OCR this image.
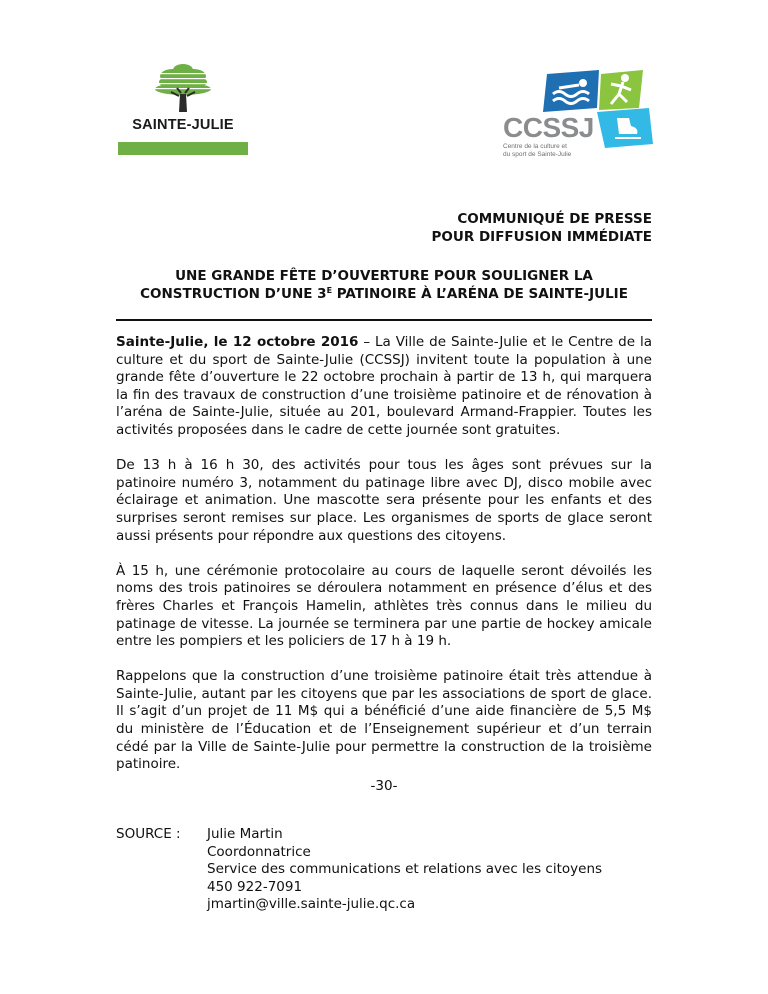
SAINTE-JULIE	CCSSJ
Centre de la culture et
du sport de Sainte-Julie
COMMUNIQUÉ DE PRESSE
POUR DIFFUSION IMMÉDIATE
UNE GRANDE FÊTE D’OUVERTURE POUR SOULIGNER LA
CONSTRUCTION D’UNE $3^E$ PATINOIRE À L’ARÉNA DE SAINTE-JULIE

Sainte-Julie, le 12 octobre 2016 – La Ville de Sainte-Julie et le Centre de la culture et du sport de Sainte-Julie (CCSSJ) invitent toute la population à une grande fête d’ouverture le 22 octobre prochain à partir de 13 h, qui marquera la fin des travaux de construction d’une troisième patinoire et de rénovation à l’aréna de Sainte-Julie, située au 201, boulevard Armand-Frappier. Toutes les activités proposées dans le cadre de cette journée sont gratuites.

De 13 h à 16 h 30, des activités pour tous les âges sont prévues sur la patinoire numéro 3, notamment du patinage libre avec DJ, disco mobile avec éclairage et animation. Une mascotte sera présente pour les enfants et des surprises seront remises sur place. Les organismes de sports de glace seront aussi présents pour répondre aux questions des citoyens.

À 15 h, une cérémonie protocolaire au cours de laquelle seront dévoilés les noms des trois patinoires se déroulera notamment en présence d’élus et des frères Charles et François Hamelin, athlètes très connus dans le milieu du patinage de vitesse. La journée se terminera par une partie de hockey amicale entre les pompiers et les policiers de 17 h à 19 h.

Rappelons que la construction d’une troisième patinoire était très attendue à Sainte-Julie, autant par les citoyens que par les associations de sport de glace. Il s’agit d’un projet de 11 M$ qui a bénéficié d’une aide financière de 5,5 M$ du ministère de l’Éducation et de l’Enseignement supérieur et d’un terrain cédé par la Ville de Sainte-Julie pour permettre la construction de la troisième patinoire.

-30-
SOURCE : Julie Martin
Coordonnatrice
Service des communications et relations avec les citoyens
450 922-7091
jmartin@ville.sainte-julie.qc.ca
